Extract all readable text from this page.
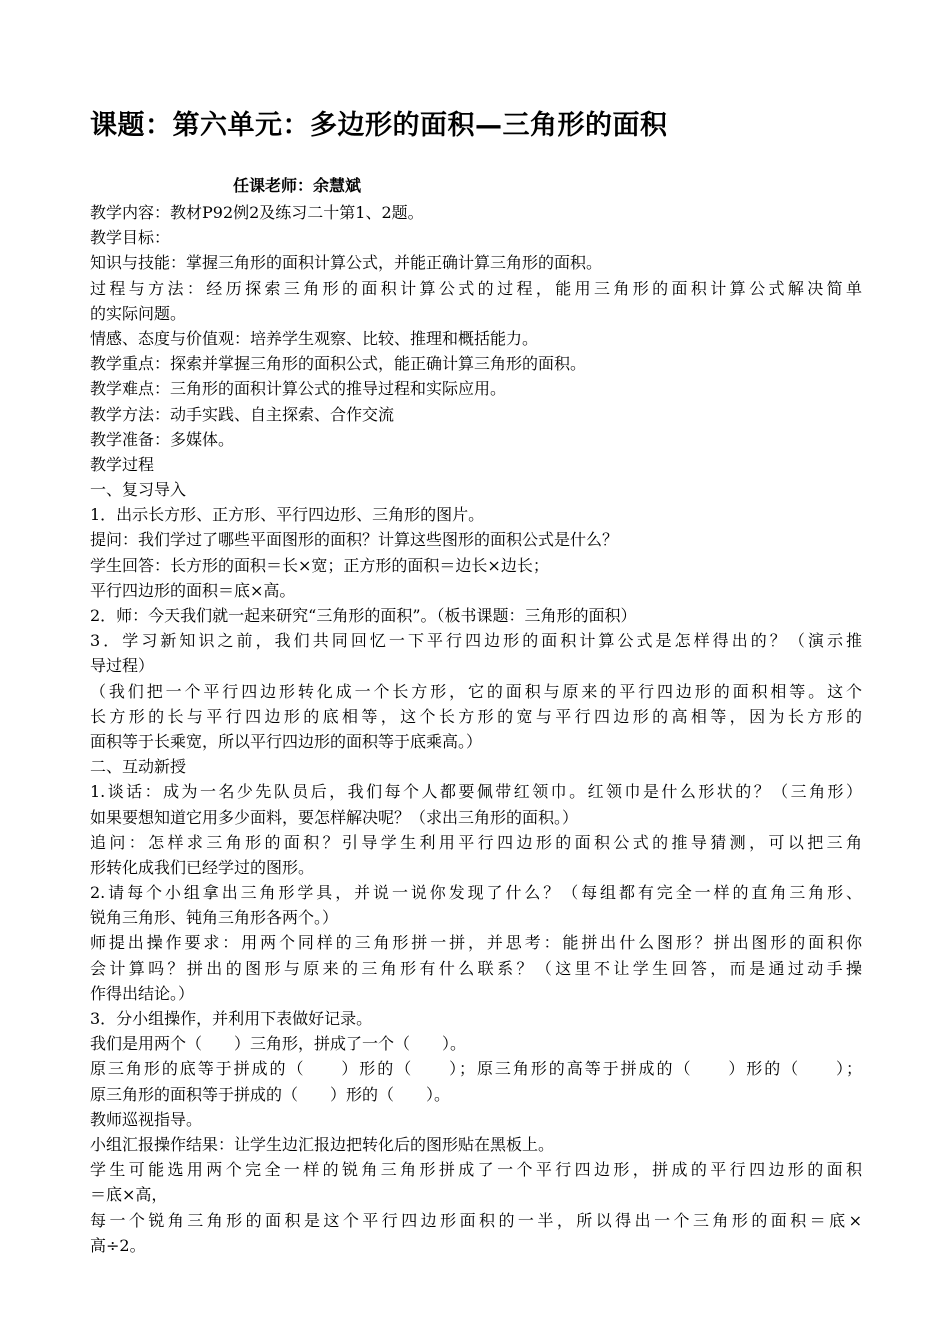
课题：第六单元：多边形的面积—三角形的面积
任课老师：余慧斌
教学内容：教材P92例2及练习二十第1、2题。
教学目标：
知识与技能：掌握三角形的面积计算公式，并能正确计算三角形的面积。
过程与方法：经历探索三角形的面积计算公式的过程，能用三角形的面积计算公式解决简单
的实际问题。
情感、态度与价值观：培养学生观察、比较、推理和概括能力。
教学重点：探索并掌握三角形的面积公式，能正确计算三角形的面积。
教学难点：三角形的面积计算公式的推导过程和实际应用。
教学方法：动手实践、自主探索、合作交流
教学准备：多媒体。
教学过程
一、复习导入
1．出示长方形、正方形、平行四边形、三角形的图片。
提问：我们学过了哪些平面图形的面积？计算这些图形的面积公式是什么？
学生回答：长方形的面积＝长×宽；正方形的面积＝边长×边长；
平行四边形的面积＝底×高。
2．师：今天我们就一起来研究“三角形的面积”。（板书课题：三角形的面积）
3．学习新知识之前，我们共同回忆一下平行四边形的面积计算公式是怎样得出的？（演示推
导过程）
（我们把一个平行四边形转化成一个长方形，它的面积与原来的平行四边形的面积相等。这个
长方形的长与平行四边形的底相等，这个长方形的宽与平行四边形的高相等，因为长方形的
面积等于长乘宽，所以平行四边形的面积等于底乘高。）
二、互动新授
1.谈话：成为一名少先队员后，我们每个人都要佩带红领巾。红领巾是什么形状的？（三角形）
如果要想知道它用多少面料，要怎样解决呢？（求出三角形的面积。）
追问：怎样求三角形的面积？引导学生利用平行四边形的面积公式的推导猜测，可以把三角
形转化成我们已经学过的图形。
2.请每个小组拿出三角形学具，并说一说你发现了什么？（每组都有完全一样的直角三角形、
锐角三角形、钝角三角形各两个。）
师提出操作要求：用两个同样的三角形拼一拼，并思考：能拼出什么图形？拼出图形的面积你
会计算吗？拼出的图形与原来的三角形有什么联系？（这里不让学生回答，而是通过动手操
作得出结论。）
3．分小组操作，并利用下表做好记录。
我们是用两个（　　）三角形，拼成了一个（　　）。
原三角形的底等于拼成的（　　）形的（　　）；原三角形的高等于拼成的（　　）形的（　　）；
原三角形的面积等于拼成的（　　）形的（　　）。
教师巡视指导。
小组汇报操作结果：让学生边汇报边把转化后的图形贴在黑板上。
学生可能选用两个完全一样的锐角三角形拼成了一个平行四边形，拼成的平行四边形的面积
＝底×高，
每一个锐角三角形的面积是这个平行四边形面积的一半，所以得出一个三角形的面积＝底×
高÷2。
